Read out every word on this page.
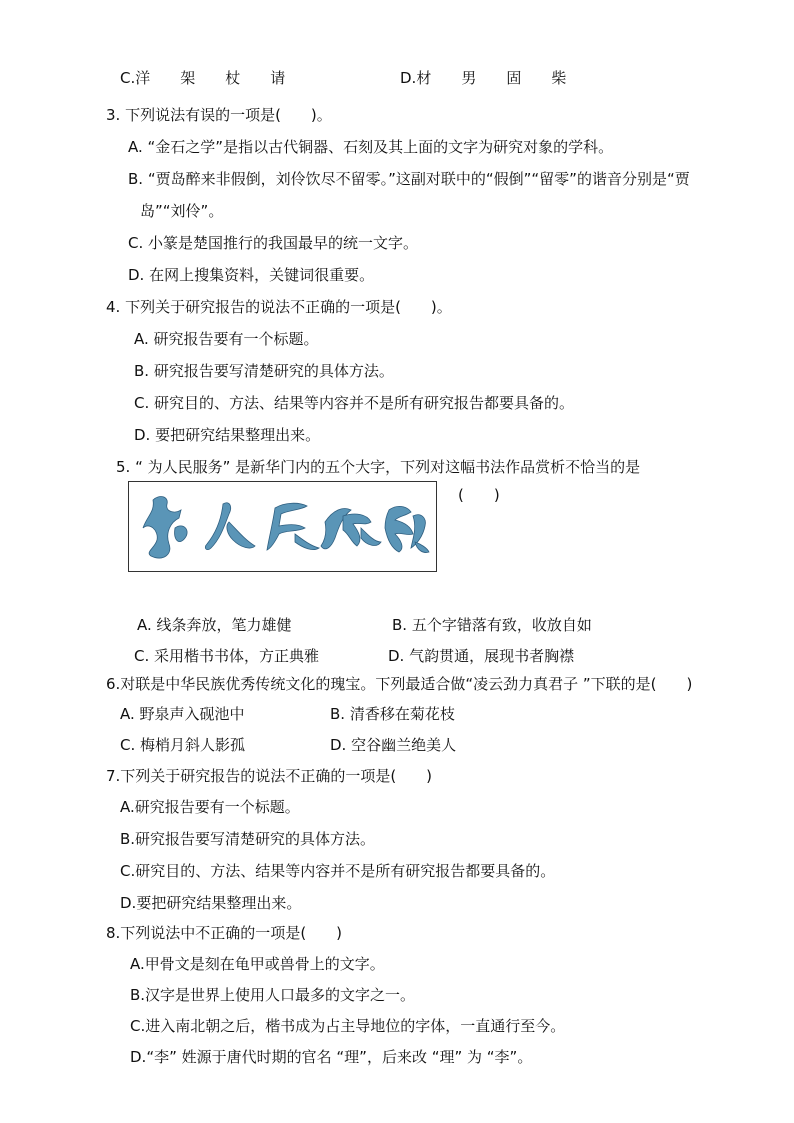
C.洋　　架　　杖　　请	D.材　　男　　固　　柴
3. 下列说法有误的一项是(　　)。
A. “金石之学”是指以古代铜器、石刻及其上面的文字为研究对象的学科。
B. “贾岛醉来非假倒，刘伶饮尽不留零。”这副对联中的“假倒”“留零”的谐音分别是“贾
岛”“刘伶”。
C. 小篆是楚国推行的我国最早的统一文字。
D. 在网上搜集资料，关键词很重要。
4. 下列关于研究报告的说法不正确的一项是(　　)。
A. 研究报告要有一个标题。
B. 研究报告要写清楚研究的具体方法。
C. 研究目的、方法、结果等内容并不是所有研究报告都要具备的。
D. 要把研究结果整理出来。
5. “ 为人民服务” 是新华门内的五个大字，下列对这幅书法作品赏析不恰当的是
(　　)
A. 线条奔放，笔力雄健	B. 五个字错落有致，收放自如
C. 采用楷书书体，方正典雅	D. 气韵贯通，展现书者胸襟
6.对联是中华民族优秀传统文化的瑰宝。下列最适合做“凌云劲力真君子 ”下联的是(　　)
A. 野泉声入砚池中	B. 清香移在菊花枝
C. 梅梢月斜人影孤	D. 空谷幽兰绝美人
7.下列关于研究报告的说法不正确的一项是(　　)
A.研究报告要有一个标题。
B.研究报告要写清楚研究的具体方法。
C.研究目的、方法、结果等内容并不是所有研究报告都要具备的。
D.要把研究结果整理出来。
8.下列说法中不正确的一项是(　　)
A.甲骨文是刻在龟甲或兽骨上的文字。
B.汉字是世界上使用人口最多的文字之一。
C.进入南北朝之后，楷书成为占主导地位的字体，一直通行至今。
D.“李” 姓源于唐代时期的官名 “理”，后来改 “理” 为 “李”。
